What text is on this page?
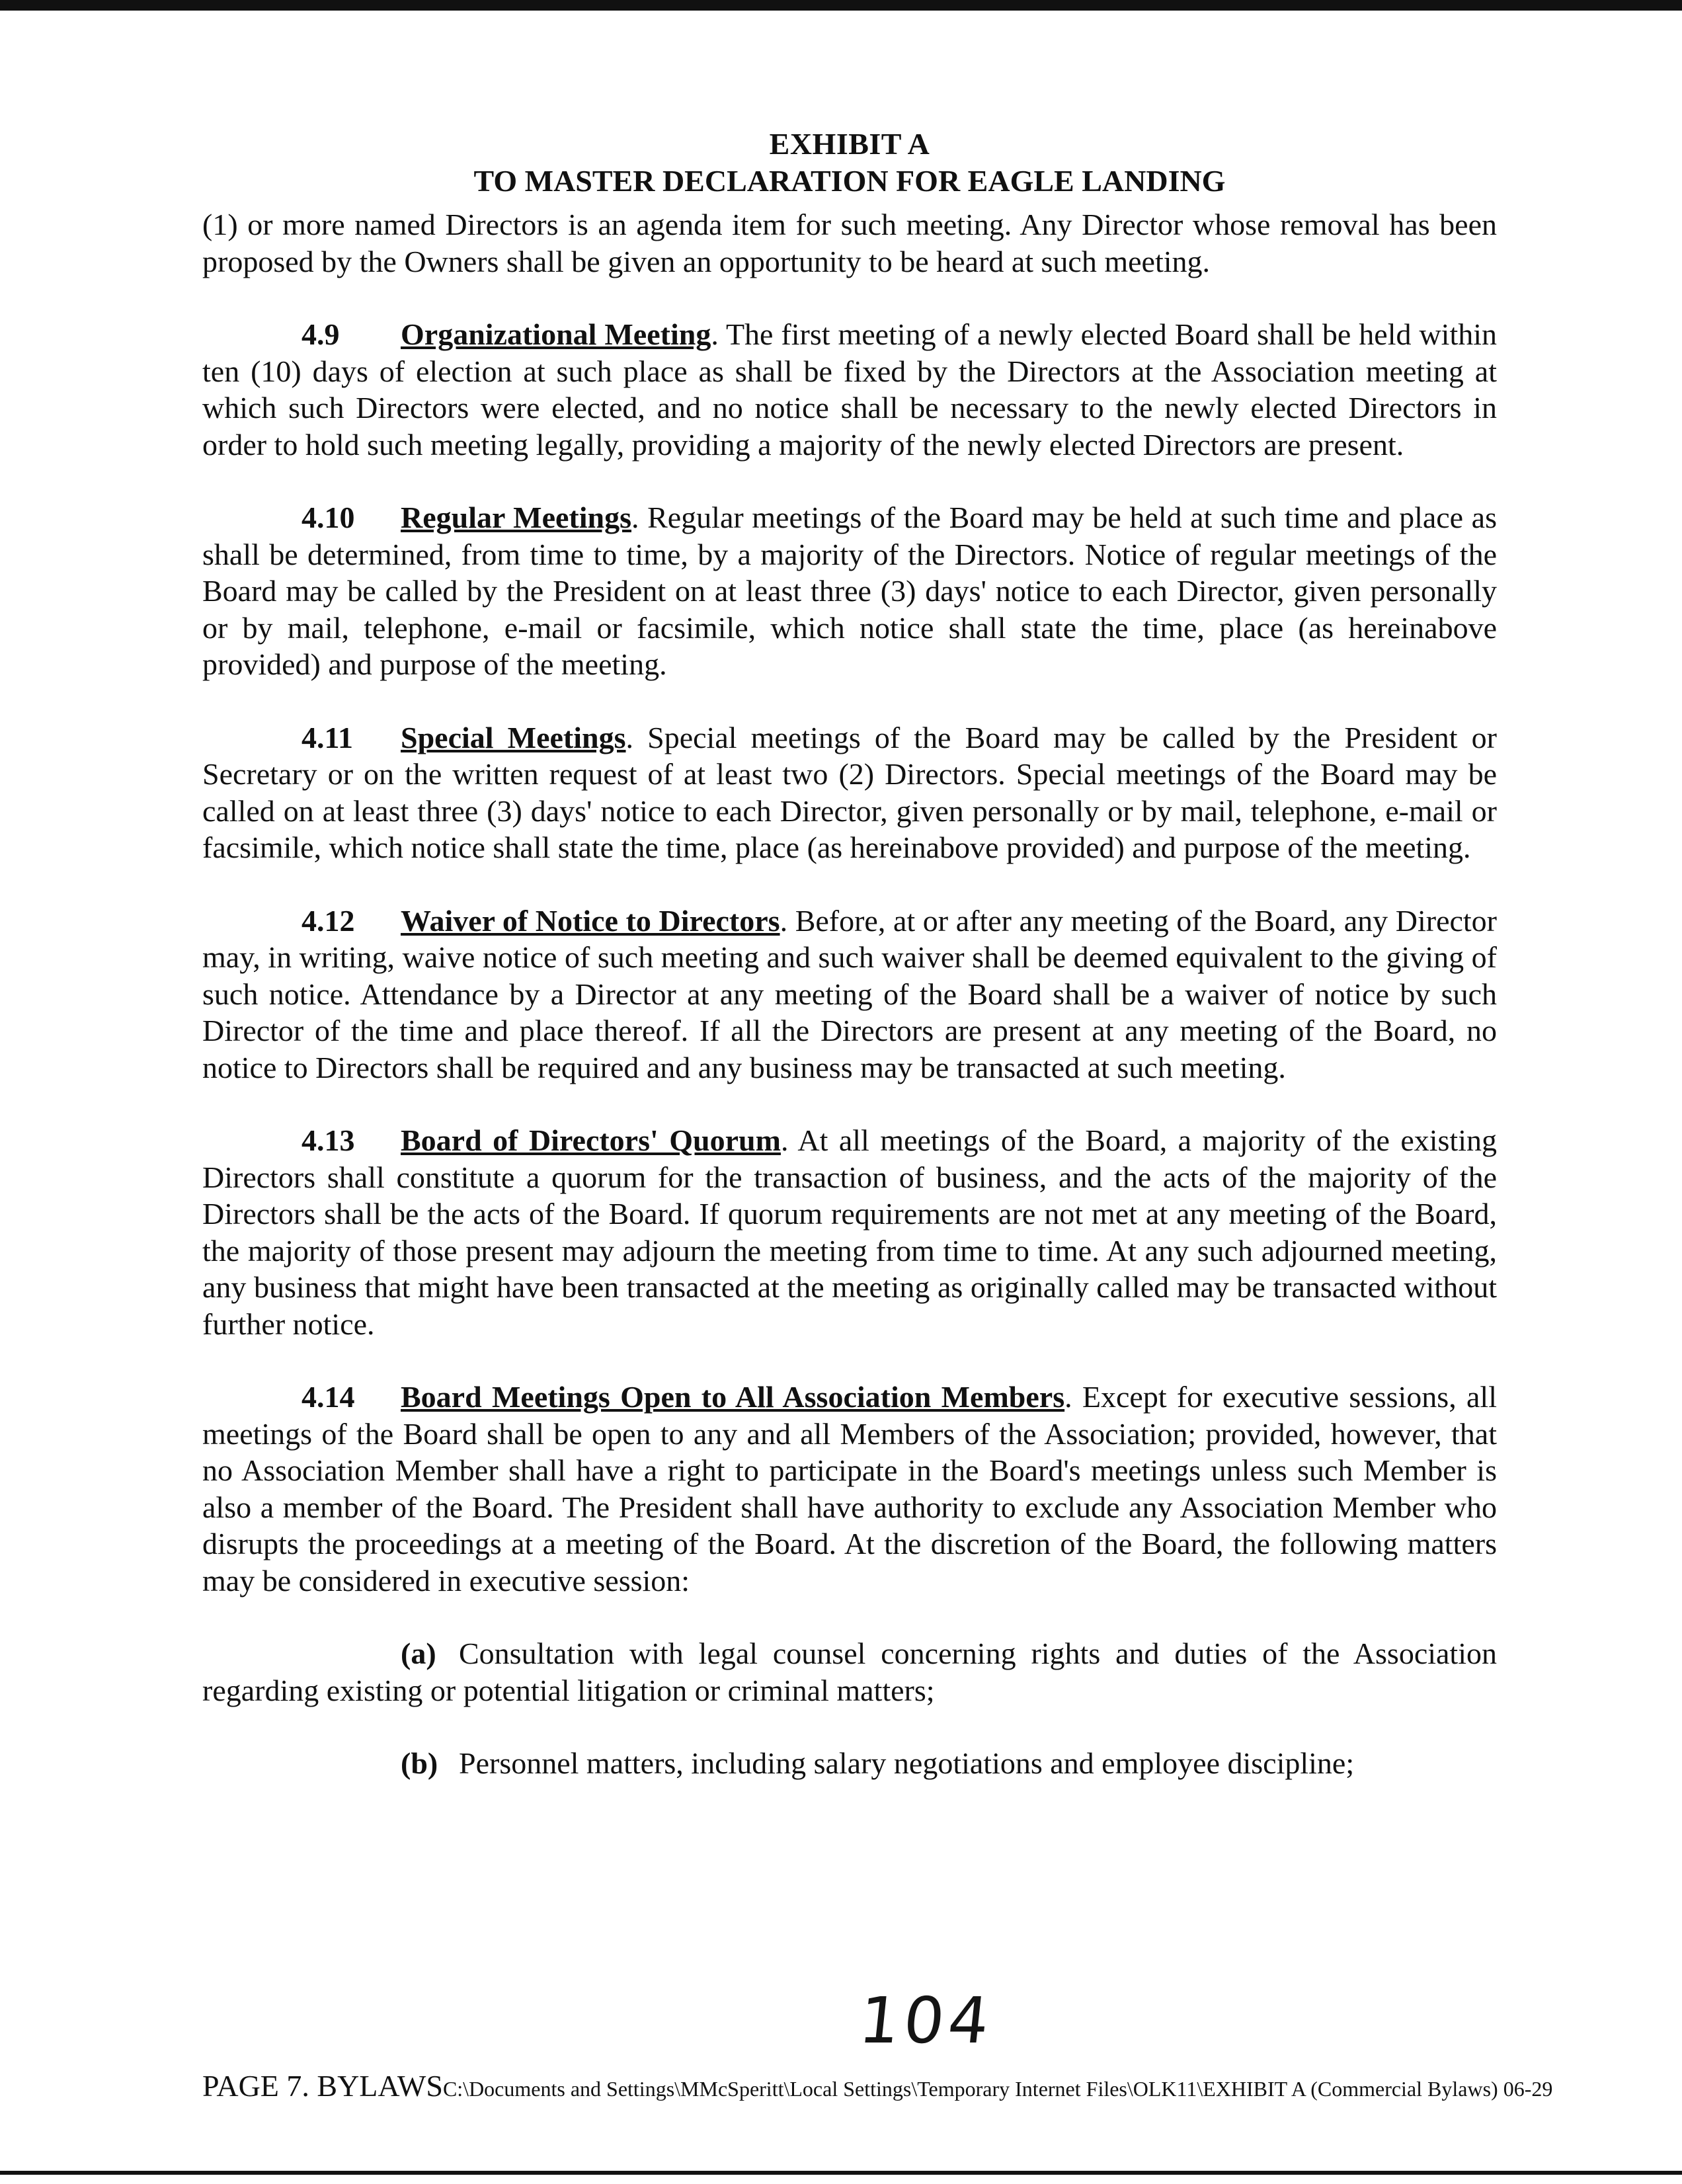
EXHIBIT A
TO MASTER DECLARATION FOR EAGLE LANDING

(1) or more named Directors is an agenda item for such meeting. Any Director whose removal has been proposed by the Owners shall be given an opportunity to be heard at such meeting.

4.9 Organizational Meeting. The first meeting of a newly elected Board shall be held within ten (10) days of election at such place as shall be fixed by the Directors at the Association meeting at which such Directors were elected, and no notice shall be necessary to the newly elected Directors in order to hold such meeting legally, providing a majority of the newly elected Directors are present.

4.10 Regular Meetings. Regular meetings of the Board may be held at such time and place as shall be determined, from time to time, by a majority of the Directors. Notice of regular meetings of the Board may be called by the President on at least three (3) days' notice to each Director, given personally or by mail, telephone, e-mail or facsimile, which notice shall state the time, place (as hereinabove provided) and purpose of the meeting.

4.11 Special Meetings. Special meetings of the Board may be called by the President or Secretary or on the written request of at least two (2) Directors. Special meetings of the Board may be called on at least three (3) days' notice to each Director, given personally or by mail, telephone, e-mail or facsimile, which notice shall state the time, place (as hereinabove provided) and purpose of the meeting.

4.12 Waiver of Notice to Directors. Before, at or after any meeting of the Board, any Director may, in writing, waive notice of such meeting and such waiver shall be deemed equivalent to the giving of such notice. Attendance by a Director at any meeting of the Board shall be a waiver of notice by such Director of the time and place thereof. If all the Directors are present at any meeting of the Board, no notice to Directors shall be required and any business may be transacted at such meeting.

4.13 Board of Directors' Quorum. At all meetings of the Board, a majority of the existing Directors shall constitute a quorum for the transaction of business, and the acts of the majority of the Directors shall be the acts of the Board. If quorum requirements are not met at any meeting of the Board, the majority of those present may adjourn the meeting from time to time. At any such adjourned meeting, any business that might have been transacted at the meeting as originally called may be transacted without further notice.

4.14 Board Meetings Open to All Association Members. Except for executive sessions, all meetings of the Board shall be open to any and all Members of the Association; provided, however, that no Association Member shall have a right to participate in the Board's meetings unless such Member is also a member of the Board. The President shall have authority to exclude any Association Member who disrupts the proceedings at a meeting of the Board. At the discretion of the Board, the following matters may be considered in executive session:

(a) Consultation with legal counsel concerning rights and duties of the Association regarding existing or potential litigation or criminal matters;

(b) Personnel matters, including salary negotiations and employee discipline;

104
PAGE 7. BYLAWSC:\Documents and Settings\MMcSperitt\Local Settings\Temporary Internet Files\OLK11\EXHIBIT A (Commercial Bylaws) 06-29
